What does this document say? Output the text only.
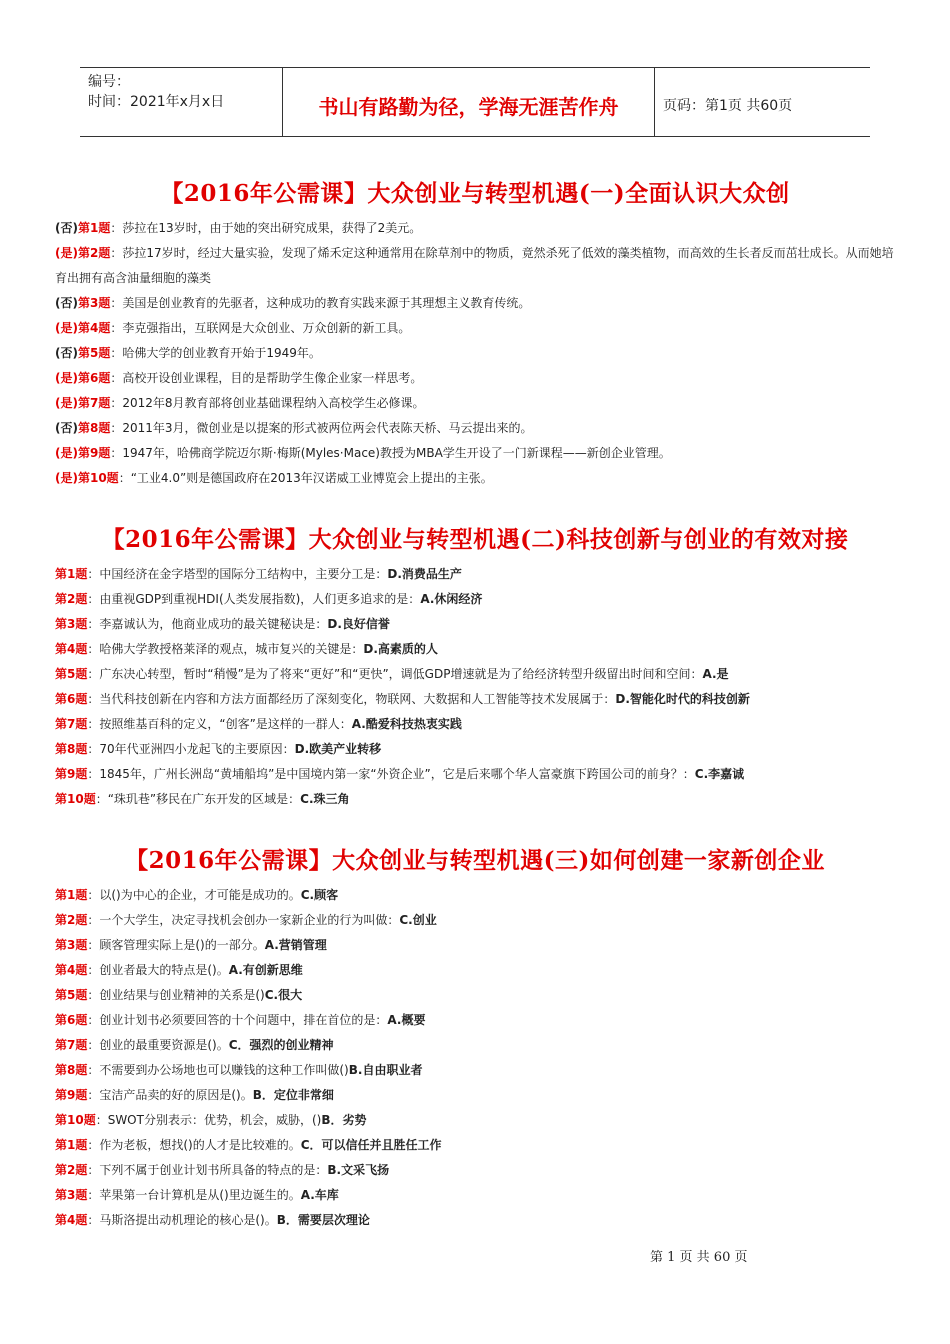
编号：
时间：2021年x月x日	书山有路勤为径，学海无涯苦作舟	页码：第1页 共60页
【2016年公需课】大众创业与转型机遇(一)全面认识大众创
(否)第1题：莎拉在13岁时，由于她的突出研究成果，获得了2美元。
(是)第2题：莎拉17岁时，经过大量实验，发现了烯禾定这种通常用在除草剂中的物质，竟然杀死了低效的藻类植物，而高效的生长者反而茁壮成长。从而她培育出拥有高含油量细胞的藻类
(否)第3题：美国是创业教育的先驱者，这种成功的教育实践来源于其理想主义教育传统。
(是)第4题：李克强指出，互联网是大众创业、万众创新的新工具。
(否)第5题：哈佛大学的创业教育开始于1949年。
(是)第6题：高校开设创业课程，目的是帮助学生像企业家一样思考。
(是)第7题：2012年8月教育部将创业基础课程纳入高校学生必修课。
(否)第8题：2011年3月，微创业是以提案的形式被两位两会代表陈天桥、马云提出来的。
(是)第9题：1947年，哈佛商学院迈尔斯·梅斯(Myles·Mace)教授为MBA学生开设了一门新课程——新创企业管理。
(是)第10题：“工业4.0”则是德国政府在2013年汉诺威工业博览会上提出的主张。
【2016年公需课】大众创业与转型机遇(二)科技创新与创业的有效对接
第1题：中国经济在金字塔型的国际分工结构中，主要分工是：D.消费品生产
第2题：由重视GDP到重视HDI(人类发展指数)，人们更多追求的是：A.休闲经济
第3题：李嘉诚认为，他商业成功的最关键秘诀是：D.良好信誉
第4题：哈佛大学教授格莱泽的观点，城市复兴的关键是：D.高素质的人
第5题：广东决心转型，暂时“稍慢”是为了将来“更好”和“更快”，调低GDP增速就是为了给经济转型升级留出时间和空间：A.是
第6题：当代科技创新在内容和方法方面都经历了深刻变化，物联网、大数据和人工智能等技术发展属于：D.智能化时代的科技创新
第7题：按照维基百科的定义，“创客”是这样的一群人：A.酷爱科技热衷实践
第8题：70年代亚洲四小龙起飞的主要原因：D.欧美产业转移
第9题：1845年，广州长洲岛“黄埔船坞”是中国境内第一家“外资企业”，它是后来哪个华人富豪旗下跨国公司的前身？：C.李嘉诚
第10题：“珠玑巷”移民在广东开发的区域是：C.珠三角
【2016年公需课】大众创业与转型机遇(三)如何创建一家新创企业
第1题：以()为中心的企业，才可能是成功的。C.顾客
第2题：一个大学生，决定寻找机会创办一家新企业的行为叫做：C.创业
第3题：顾客管理实际上是()的一部分。A.营销管理
第4题：创业者最大的特点是()。A.有创新思维
第5题：创业结果与创业精神的关系是()C.很大
第6题：创业计划书必须要回答的十个问题中，排在首位的是：A.概要
第7题：创业的最重要资源是()。C．强烈的创业精神
第8题：不需要到办公场地也可以赚钱的这种工作叫做()B.自由职业者
第9题：宝洁产品卖的好的原因是()。B．定位非常细
第10题：SWOT分别表示：优势，机会，威胁，()B．劣势
第1题：作为老板，想找()的人才是比较难的。C．可以信任并且胜任工作
第2题：下列不属于创业计划书所具备的特点的是：B.文采飞扬
第3题：苹果第一台计算机是从()里边诞生的。A.车库
第4题：马斯洛提出动机理论的核心是()。B．需要层次理论
第 1 页 共 60 页
